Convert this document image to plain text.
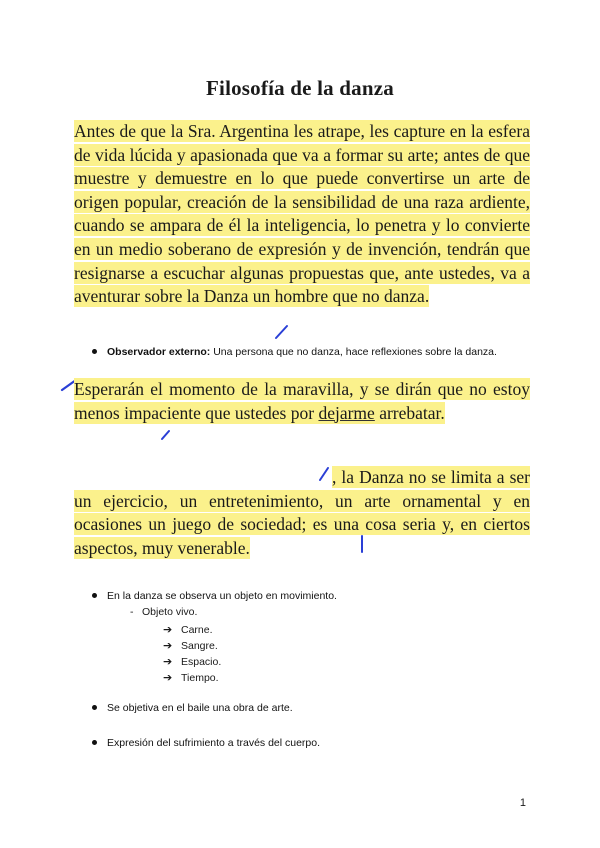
Filosofía de la danza
Antes de que la Sra. Argentina les atrape, les capture en la esfera de vida lúcida y apasionada que va a formar su arte; antes de que muestre y demuestre en lo que puede convertirse un arte de origen popular, creación de la sensibilidad de una raza ardiente, cuando se ampara de él la inteligencia, lo penetra y lo convierte en un medio soberano de expresión y de invención, tendrán que resignarse a escuchar algunas propuestas que, ante ustedes, va a aventurar sobre la Danza un hombre que no danza.
Observador externo: Una persona que no danza, hace reflexiones sobre la danza.
Esperarán el momento de la maravilla, y se dirán que no estoy menos impaciente que ustedes por dejarme arrebatar.
, la Danza no se limita a ser un ejercicio, un entretenimiento, un arte ornamental y en ocasiones un juego de sociedad; es una cosa seria y, en ciertos aspectos, muy venerable.
En la danza se observa un objeto en movimiento.
- Objeto vivo.
➔ Carne.
➔ Sangre.
➔ Espacio.
➔ Tiempo.
Se objetiva en el baile una obra de arte.
Expresión del sufrimiento a través del cuerpo.
1
